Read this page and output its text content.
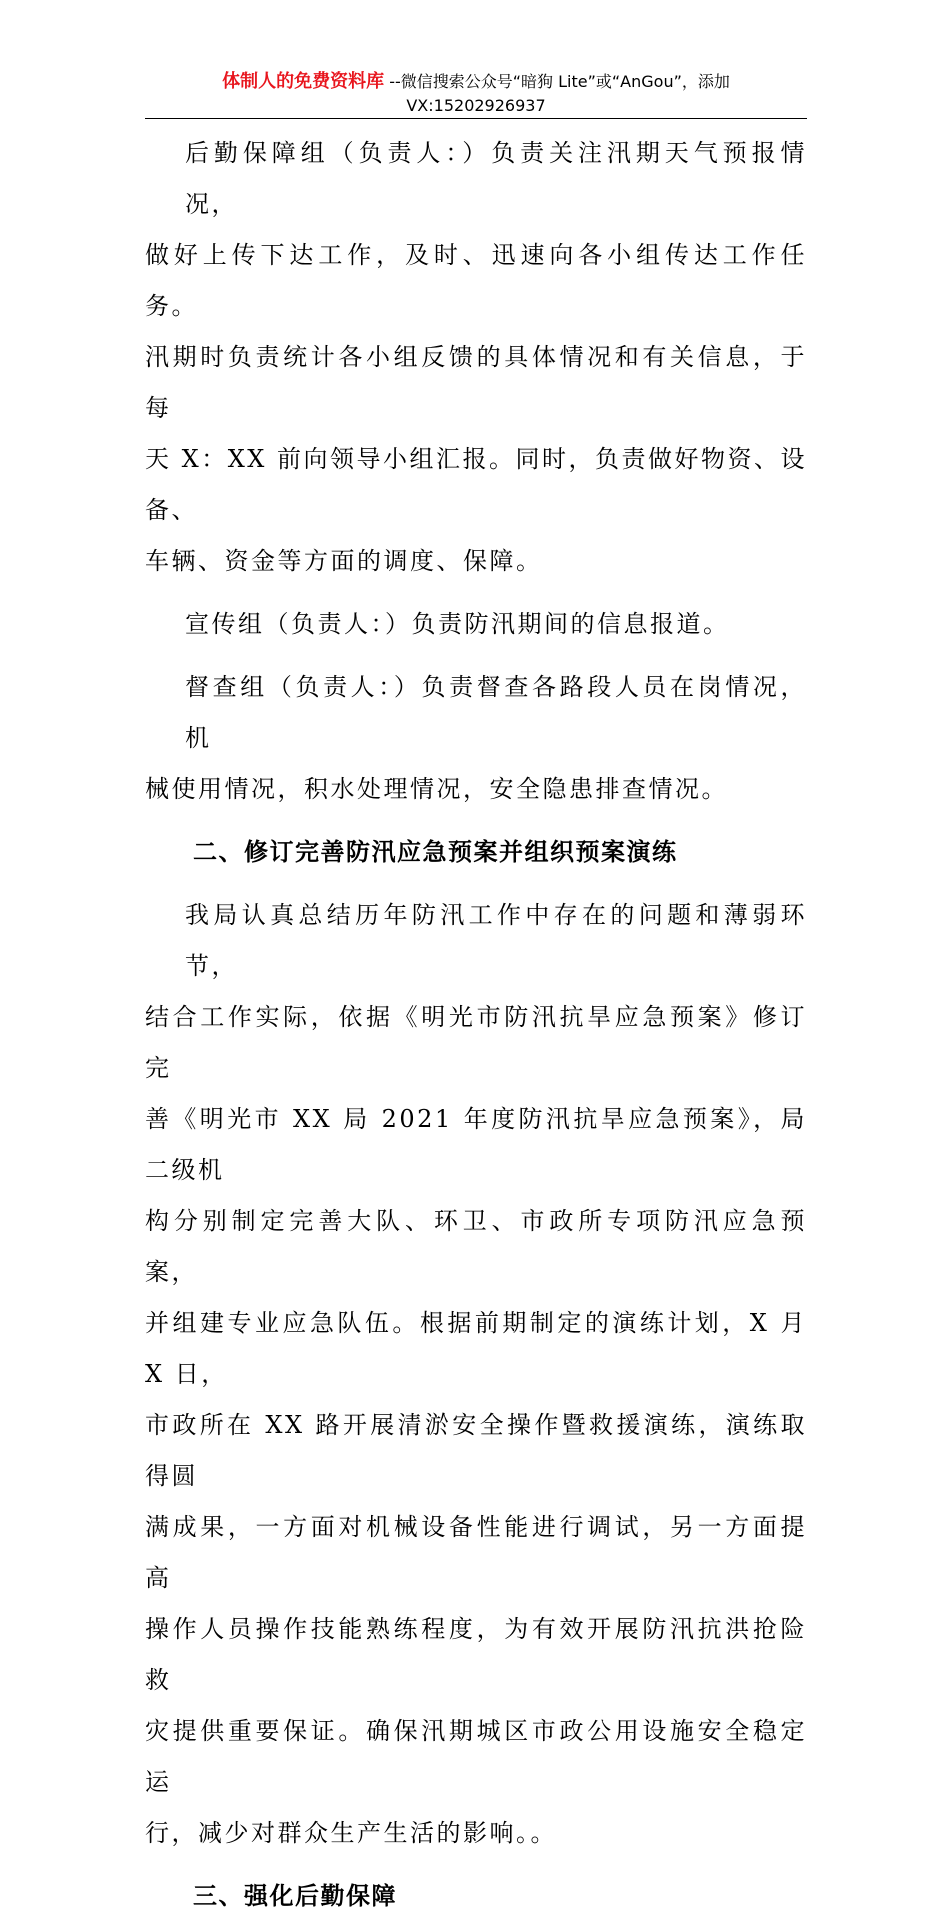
体制人的免费资料库 --微信搜索公众号“暗狗 Lite”或“AnGou”，添加
VX:15202926937
后勤保障组（负责人：）负责关注汛期天气预报情况，
做好上传下达工作，及时、迅速向各小组传达工作任务。
汛期时负责统计各小组反馈的具体情况和有关信息，于每
天 X：XX 前向领导小组汇报。同时，负责做好物资、设备、
车辆、资金等方面的调度、保障。
宣传组（负责人：）负责防汛期间的信息报道。
督查组（负责人：）负责督查各路段人员在岗情况，机
械使用情况，积水处理情况，安全隐患排查情况。
二、修订完善防汛应急预案并组织预案演练
我局认真总结历年防汛工作中存在的问题和薄弱环节，
结合工作实际，依据《明光市防汛抗旱应急预案》修订完
善《明光市 XX 局 2021 年度防汛抗旱应急预案》，局二级机
构分别制定完善大队、环卫、市政所专项防汛应急预案，
并组建专业应急队伍。根据前期制定的演练计划，X 月 X 日，
市政所在 XX 路开展清淤安全操作暨救援演练，演练取得圆
满成果，一方面对机械设备性能进行调试，另一方面提高
操作人员操作技能熟练程度，为有效开展防汛抗洪抢险救
灾提供重要保证。确保汛期城区市政公用设施安全稳定运
行，减少对群众生产生活的影响。。
三、强化后勤保障
